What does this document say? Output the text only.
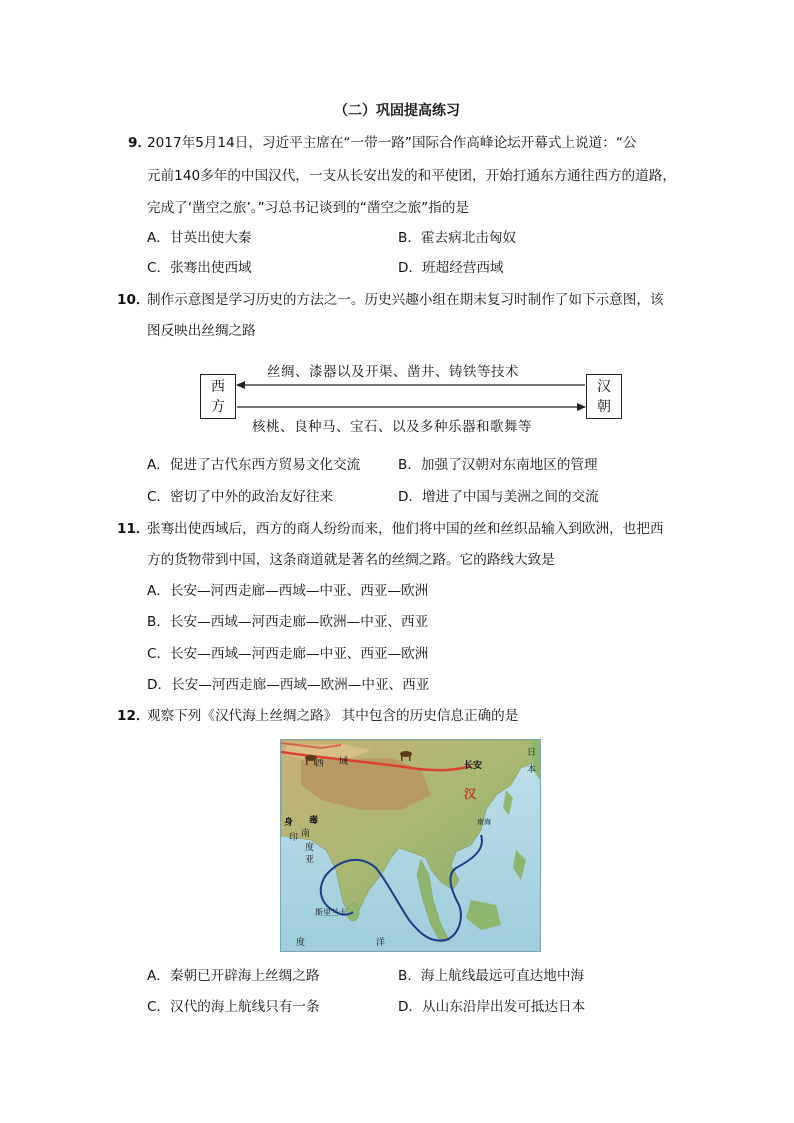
（二）巩固提高练习
9．
2017年5月14日，习近平主席在“一带一路”国际合作高峰论坛开幕式上说道：“公
元前140多年的中国汉代，一支从长安出发的和平使团，开始打通东方通往西方的道路，
完成了‘凿空之旅’。”习总书记谈到的“凿空之旅”指的是
A．甘英出使大秦	B．霍去病北击匈奴
C．张骞出使西域	D．班超经营西域
10．
制作示意图是学习历史的方法之一。历史兴趣小组在期末复习时制作了如下示意图，该
图反映出丝绸之路
西
方
汉
朝
丝绸、漆器以及开渠、凿井、铸铁等技术
核桃、良种马、宝石、以及多种乐器和歌舞等
A．促进了古代东西方贸易文化交流	B．加强了汉朝对东南地区的管理
C．密切了中外的政治友好往来	D．增进了中国与美洲之间的交流
11．
张骞出使西域后，西方的商人纷纷而来，他们将中国的丝和丝织品输入到欧洲，也把西
方的货物带到中国，这条商道就是著名的丝绸之路。它的路线大致是
A．长安—河西走廊—西域—中亚、西亚—欧洲
B．长安—西域—河西走廊—欧洲—中亚、西亚
C．长安—西域—河西走廊—中亚、西亚—欧洲
D．长安—河西走廊—西域—欧洲—中亚、西亚
12．
观察下列《汉代海上丝绸之路》 其中包含的历史信息正确的是
西 域	长安
汉
身 毒
印
度
南
亚
斯里兰卡
度	洋
日
本
南海
A．秦朝已开辟海上丝绸之路	B．海上航线最远可直达地中海
C．汉代的海上航线只有一条	D．从山东沿岸出发可抵达日本
